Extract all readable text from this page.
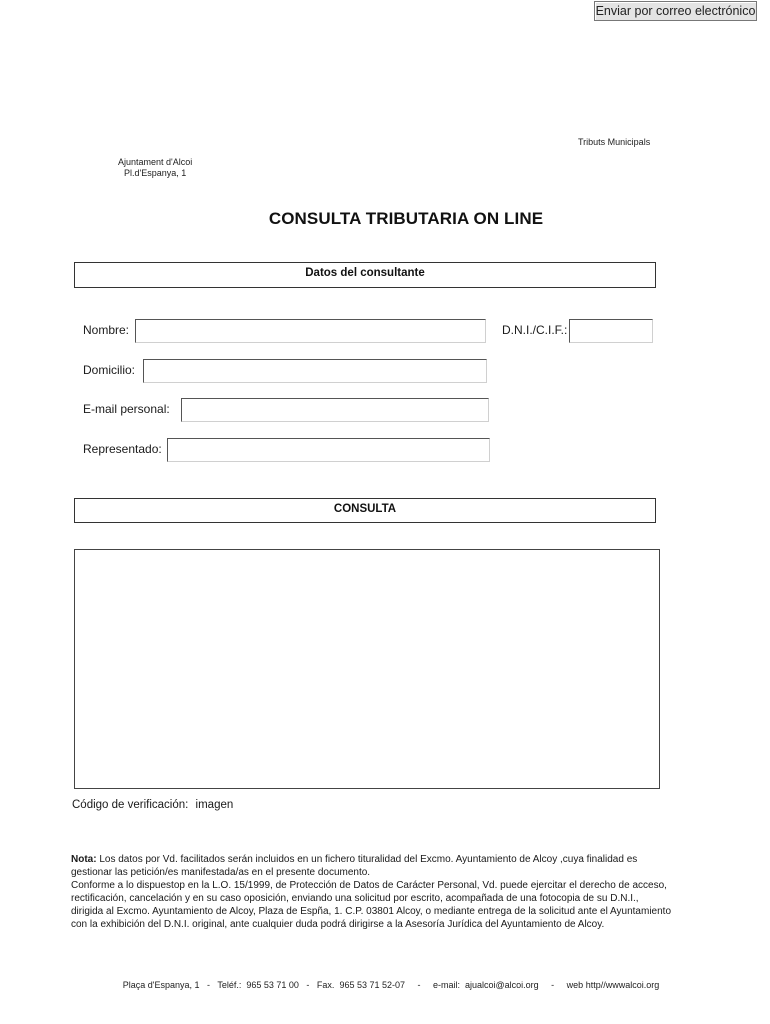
Enviar por correo electrónico
Tributs Municipals
Ajuntament d'Alcoi
Pl.d'Espanya, 1
CONSULTA TRIBUTARIA ON LINE
Datos del consultante
Nombre:	D.N.I./C.I.F.:
Domicilio:
E-mail personal:
Representado:
CONSULTA
Código de verificación: imagen
Nota: Los datos por Vd. facilitados serán incluidos en un fichero tituralidad del Excmo. Ayuntamiento de Alcoy ,cuya finalidad es gestionar las petición/es manifestada/as en el presente documento.
Conforme a lo dispuestop en la L.O. 15/1999, de Protección de Datos de Carácter Personal, Vd. puede ejercitar el derecho de acceso, rectificación, cancelación y en su caso oposición, enviando una solicitud por escrito, acompañada de una fotocopia de su D.N.I., dirigida al Excmo. Ayuntamiento de Alcoy, Plaza de Espña, 1. C.P. 03801 Alcoy, o mediante entrega de la solicitud ante el Ayuntamiento con la exhibición del D.N.I. original, ante cualquier duda podrá dirigirse a la Asesoría Jurídica del Ayuntamiento de Alcoy.
Plaça d'Espanya, 1   -   Teléf.:  965 53 71 00   -   Fax.  965 53 71 52-07     -     e-mail:  ajualcoi@alcoi.org     -     web http//wwwalcoi.org
